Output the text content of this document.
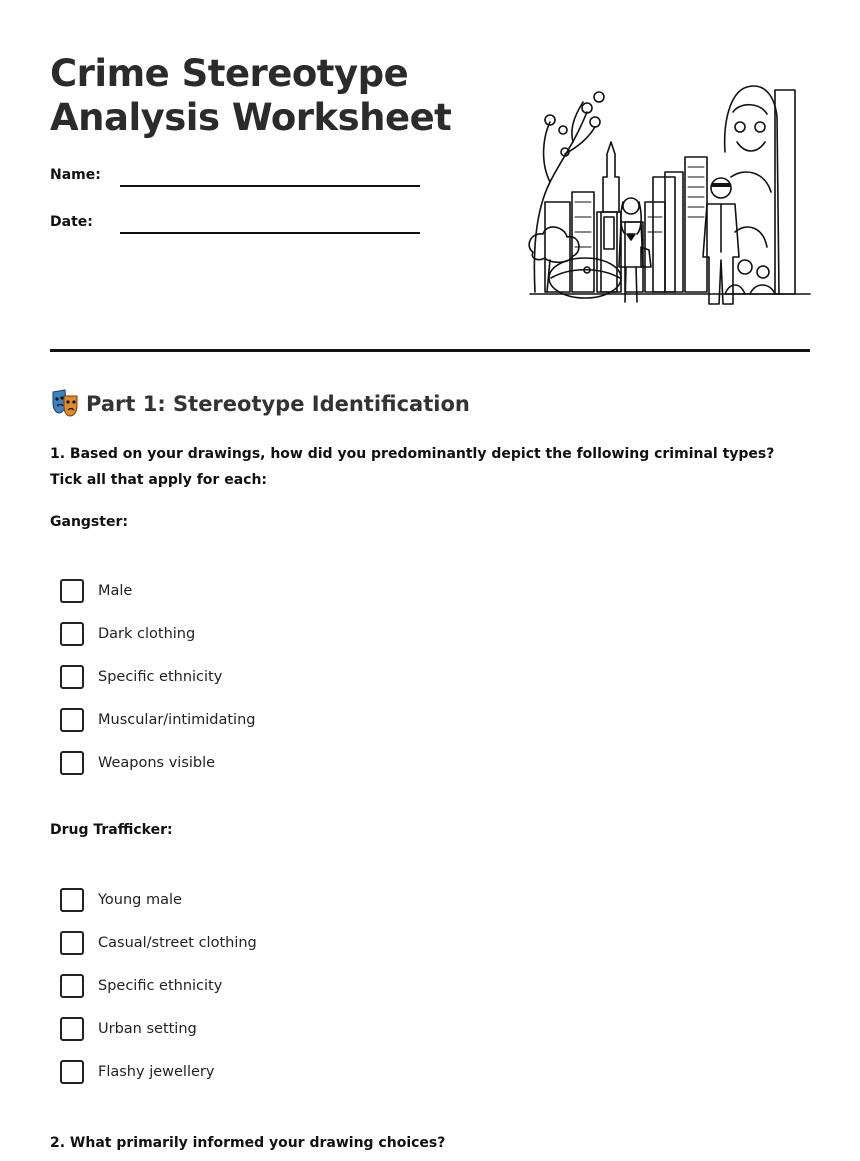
Crime Stereotype Analysis Worksheet
Name:
Date:
Part 1: Stereotype Identification

1. Based on your drawings, how did you predominantly depict the following criminal types? Tick all that apply for each:

Gangster:
Male
Dark clothing
Specific ethnicity
Muscular/intimidating
Weapons visible
Drug Trafficker:
Young male
Casual/street clothing
Specific ethnicity
Urban setting
Flashy jewellery

2. What primarily informed your drawing choices?
